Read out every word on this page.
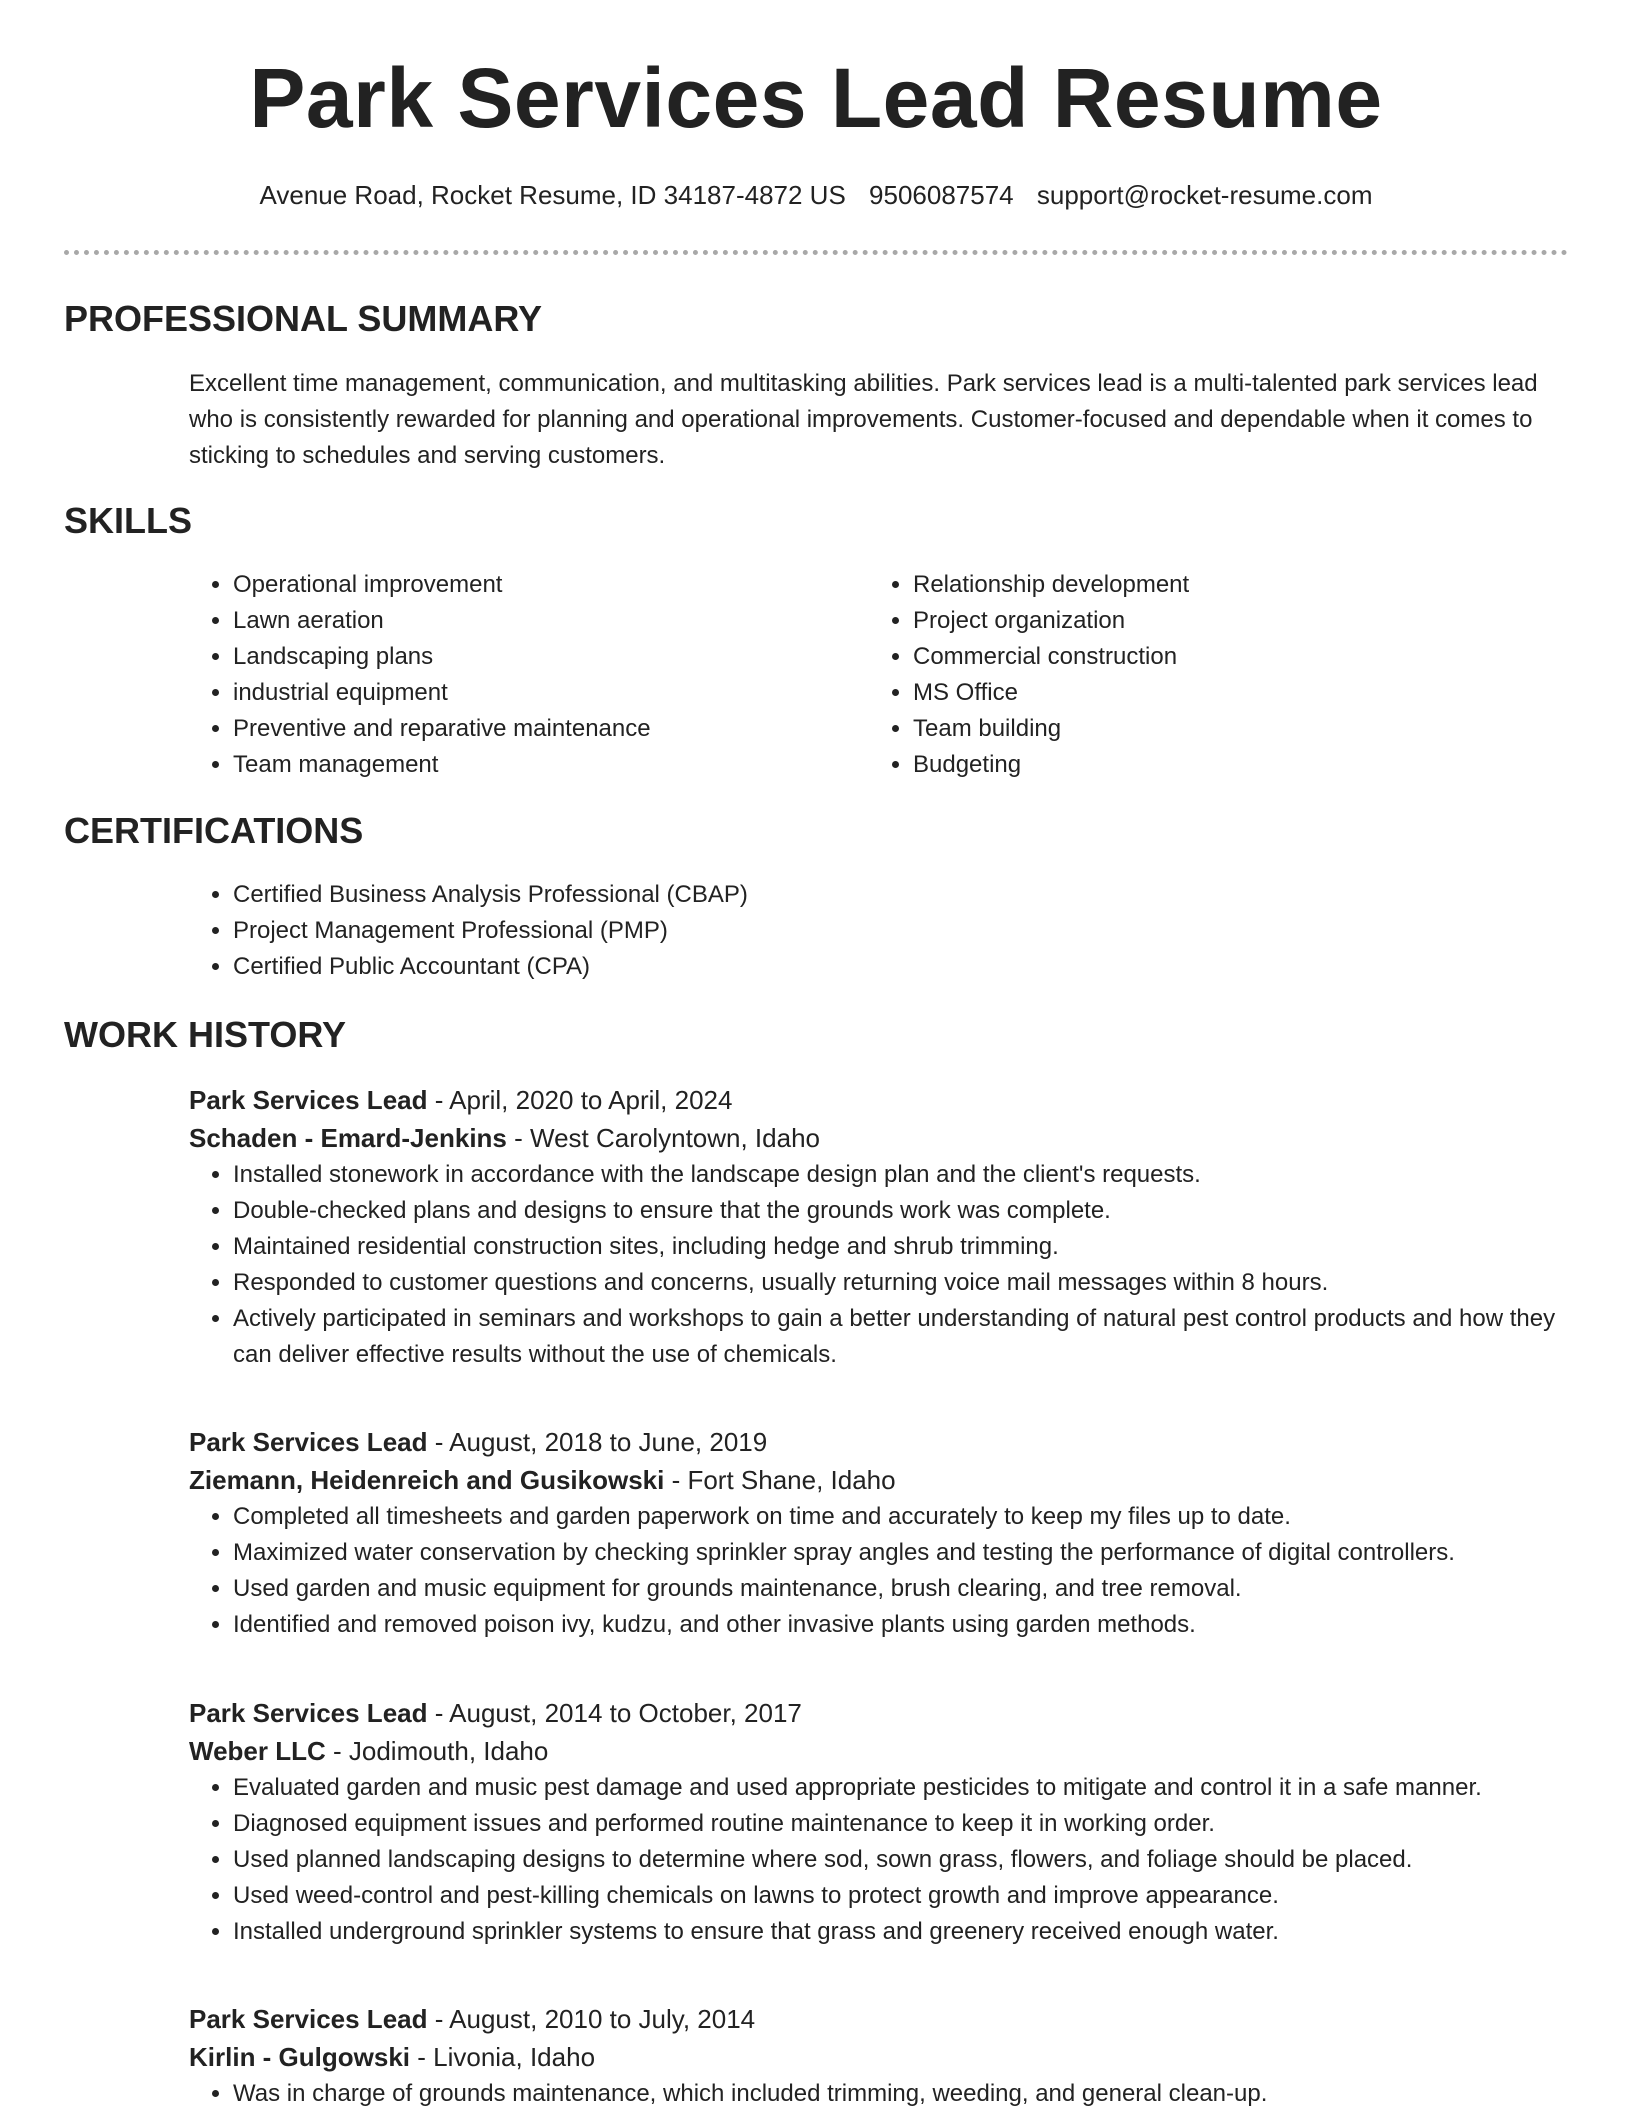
Park Services Lead Resume
Avenue Road, Rocket Resume, ID 34187-4872 US 9506087574 support@rocket-resume.com
PROFESSIONAL SUMMARY

Excellent time management, communication, and multitasking abilities. Park services lead is a multi-talented park services lead who is consistently rewarded for planning and operational improvements. Customer-focused and dependable when it comes to sticking to schedules and serving customers.

SKILLS
• Operational improvement
• Lawn aeration
• Landscaping plans
• industrial equipment
• Preventive and reparative maintenance
• Team management
• Relationship development
• Project organization
• Commercial construction
• MS Office
• Team building
• Budgeting
CERTIFICATIONS
• Certified Business Analysis Professional (CBAP)
• Project Management Professional (PMP)
• Certified Public Accountant (CPA)
WORK HISTORY

Park Services Lead - April, 2020 to April, 2024

Schaden - Emard-Jenkins - West Carolyntown, Idaho

• Installed stonework in accordance with the landscape design plan and the client's requests.
• Double-checked plans and designs to ensure that the grounds work was complete.
• Maintained residential construction sites, including hedge and shrub trimming.
• Responded to customer questions and concerns, usually returning voice mail messages within 8 hours.
• Actively participated in seminars and workshops to gain a better understanding of natural pest control products and how they can deliver effective results without the use of chemicals.

Park Services Lead - August, 2018 to June, 2019

Ziemann, Heidenreich and Gusikowski - Fort Shane, Idaho

• Completed all timesheets and garden paperwork on time and accurately to keep my files up to date.
• Maximized water conservation by checking sprinkler spray angles and testing the performance of digital controllers.
• Used garden and music equipment for grounds maintenance, brush clearing, and tree removal.
• Identified and removed poison ivy, kudzu, and other invasive plants using garden methods.

Park Services Lead - August, 2014 to October, 2017

Weber LLC - Jodimouth, Idaho

• Evaluated garden and music pest damage and used appropriate pesticides to mitigate and control it in a safe manner.
• Diagnosed equipment issues and performed routine maintenance to keep it in working order.
• Used planned landscaping designs to determine where sod, sown grass, flowers, and foliage should be placed.
• Used weed-control and pest-killing chemicals on lawns to protect growth and improve appearance.
• Installed underground sprinkler systems to ensure that grass and greenery received enough water.

Park Services Lead - August, 2010 to July, 2014

Kirlin - Gulgowski - Livonia, Idaho

• Was in charge of grounds maintenance, which included trimming, weeding, and general clean-up.
